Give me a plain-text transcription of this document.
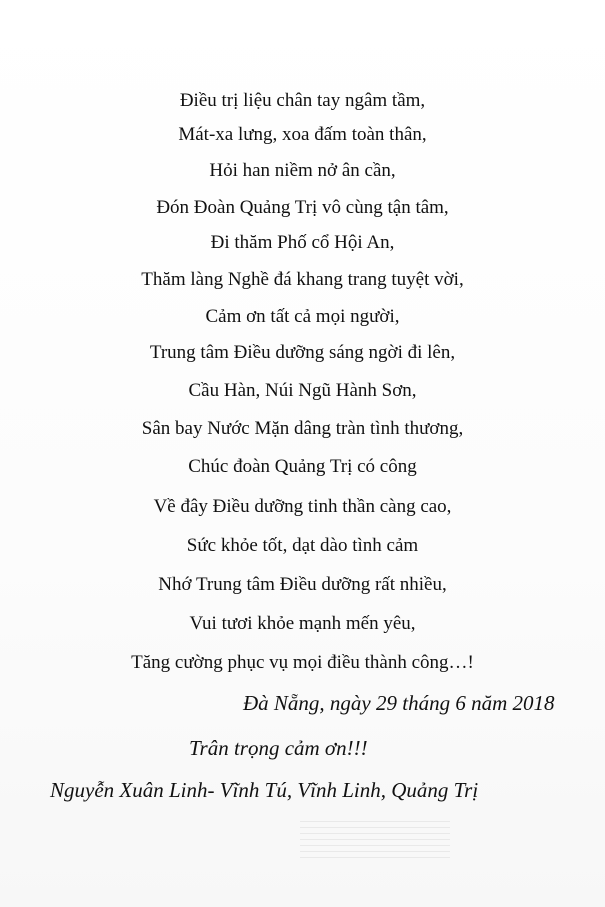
Điều trị liệu chân tay ngâm tầm,
Mát-xa lưng, xoa đấm toàn thân,
Hỏi han niềm nở ân cần,
Đón Đoàn Quảng Trị vô cùng tận tâm,
Đi thăm Phố cổ Hội An,
Thăm làng Nghề đá khang trang tuyệt vời,
Cảm ơn tất cả mọi người,
Trung tâm Điều dưỡng sáng ngời đi lên,
Cầu Hàn, Núi Ngũ Hành Sơn,
Sân bay Nước Mặn dâng tràn tình thương,
Chúc đoàn Quảng Trị có công
Về đây Điều dưỡng tinh thần càng cao,
Sức khỏe tốt, dạt dào tình cảm
Nhớ Trung tâm Điều dưỡng rất nhiều,
Vui tươi khỏe mạnh mến yêu,
Tăng cường phục vụ mọi điều thành công…!
Đà Nẵng, ngày 29 tháng 6 năm 2018
Trân trọng cảm ơn!!!
Nguyễn Xuân Linh- Vĩnh Tú, Vĩnh Linh, Quảng Trị
